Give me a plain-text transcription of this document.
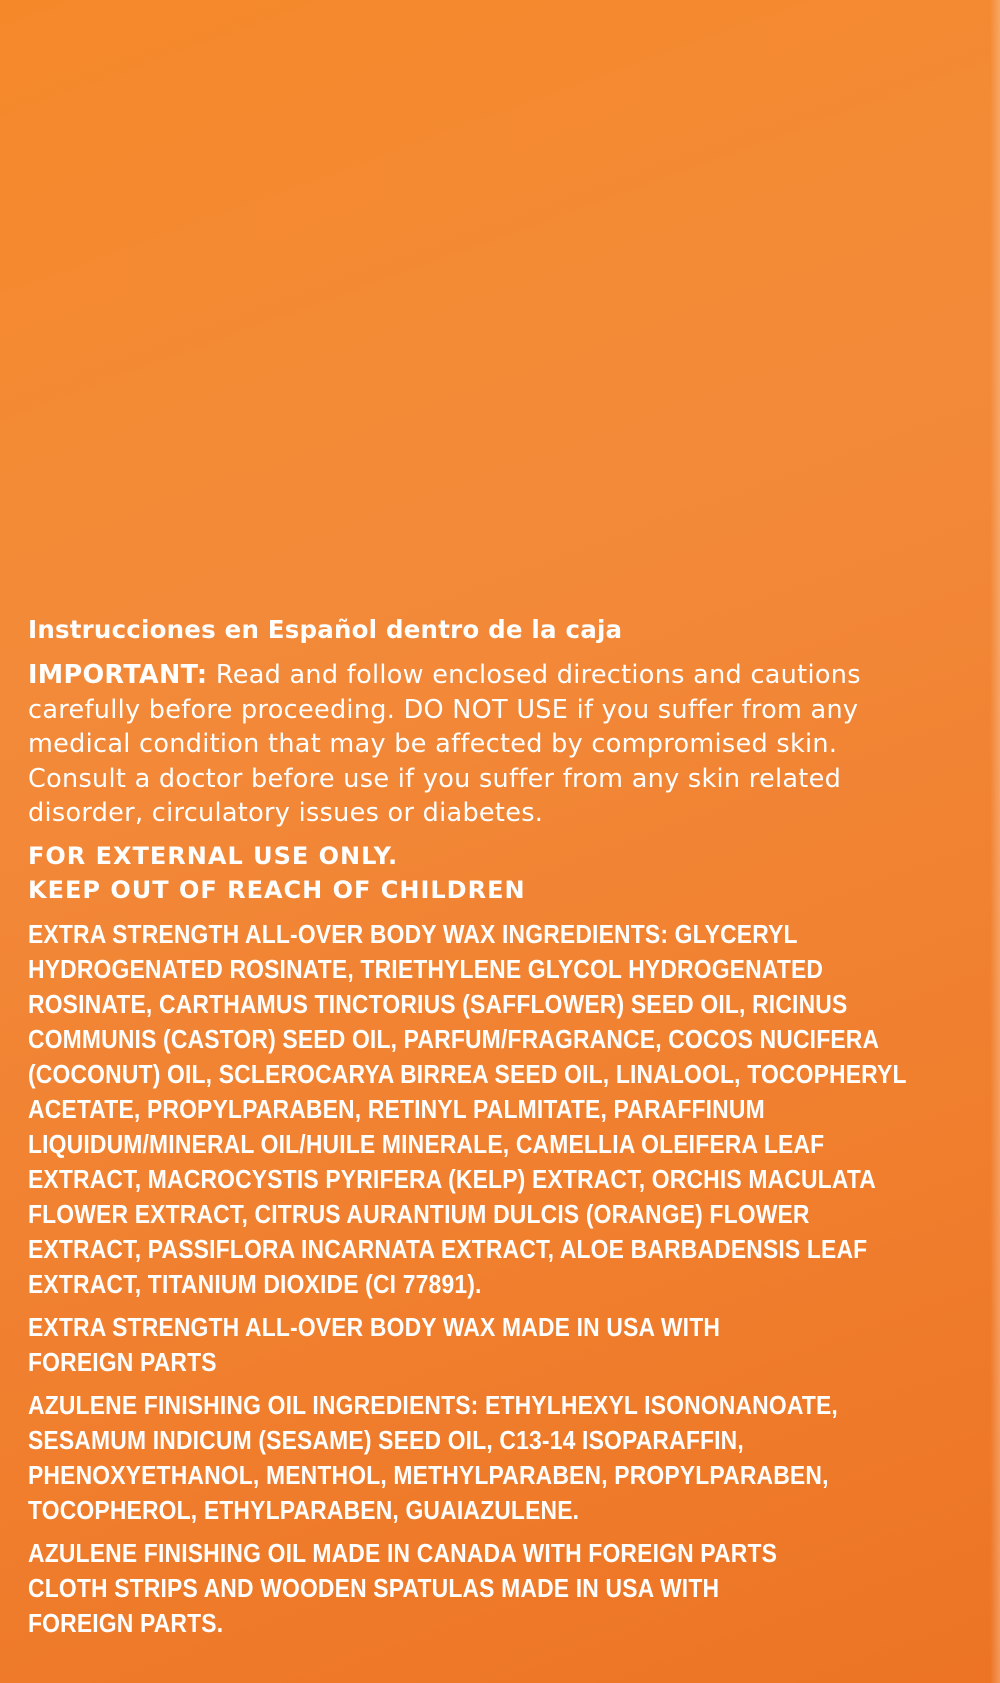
Instrucciones en Español dentro de la caja
IMPORTANT: Read and follow enclosed directions and cautions
carefully before proceeding. DO NOT USE if you suffer from any
medical condition that may be affected by compromised skin.
Consult a doctor before use if you suffer from any skin related
disorder, circulatory issues or diabetes.
FOR EXTERNAL USE ONLY.
KEEP OUT OF REACH OF CHILDREN
EXTRA STRENGTH ALL-OVER BODY WAX INGREDIENTS: GLYCERYL
HYDROGENATED ROSINATE, TRIETHYLENE GLYCOL HYDROGENATED
ROSINATE, CARTHAMUS TINCTORIUS (SAFFLOWER) SEED OIL, RICINUS
COMMUNIS (CASTOR) SEED OIL, PARFUM/FRAGRANCE, COCOS NUCIFERA
(COCONUT) OIL, SCLEROCARYA BIRREA SEED OIL, LINALOOL, TOCOPHERYL
ACETATE, PROPYLPARABEN, RETINYL PALMITATE, PARAFFINUM
LIQUIDUM/MINERAL OIL/HUILE MINERALE, CAMELLIA OLEIFERA LEAF
EXTRACT, MACROCYSTIS PYRIFERA (KELP) EXTRACT, ORCHIS MACULATA
FLOWER EXTRACT, CITRUS AURANTIUM DULCIS (ORANGE) FLOWER
EXTRACT, PASSIFLORA INCARNATA EXTRACT, ALOE BARBADENSIS LEAF
EXTRACT, TITANIUM DIOXIDE (CI 77891).
EXTRA STRENGTH ALL-OVER BODY WAX MADE IN USA WITH
FOREIGN PARTS
AZULENE FINISHING OIL INGREDIENTS: ETHYLHEXYL ISONONANOATE,
SESAMUM INDICUM (SESAME) SEED OIL, C13-14 ISOPARAFFIN,
PHENOXYETHANOL, MENTHOL, METHYLPARABEN, PROPYLPARABEN,
TOCOPHEROL, ETHYLPARABEN, GUAIAZULENE.
AZULENE FINISHING OIL MADE IN CANADA WITH FOREIGN PARTS
CLOTH STRIPS AND WOODEN SPATULAS MADE IN USA WITH
FOREIGN PARTS.
